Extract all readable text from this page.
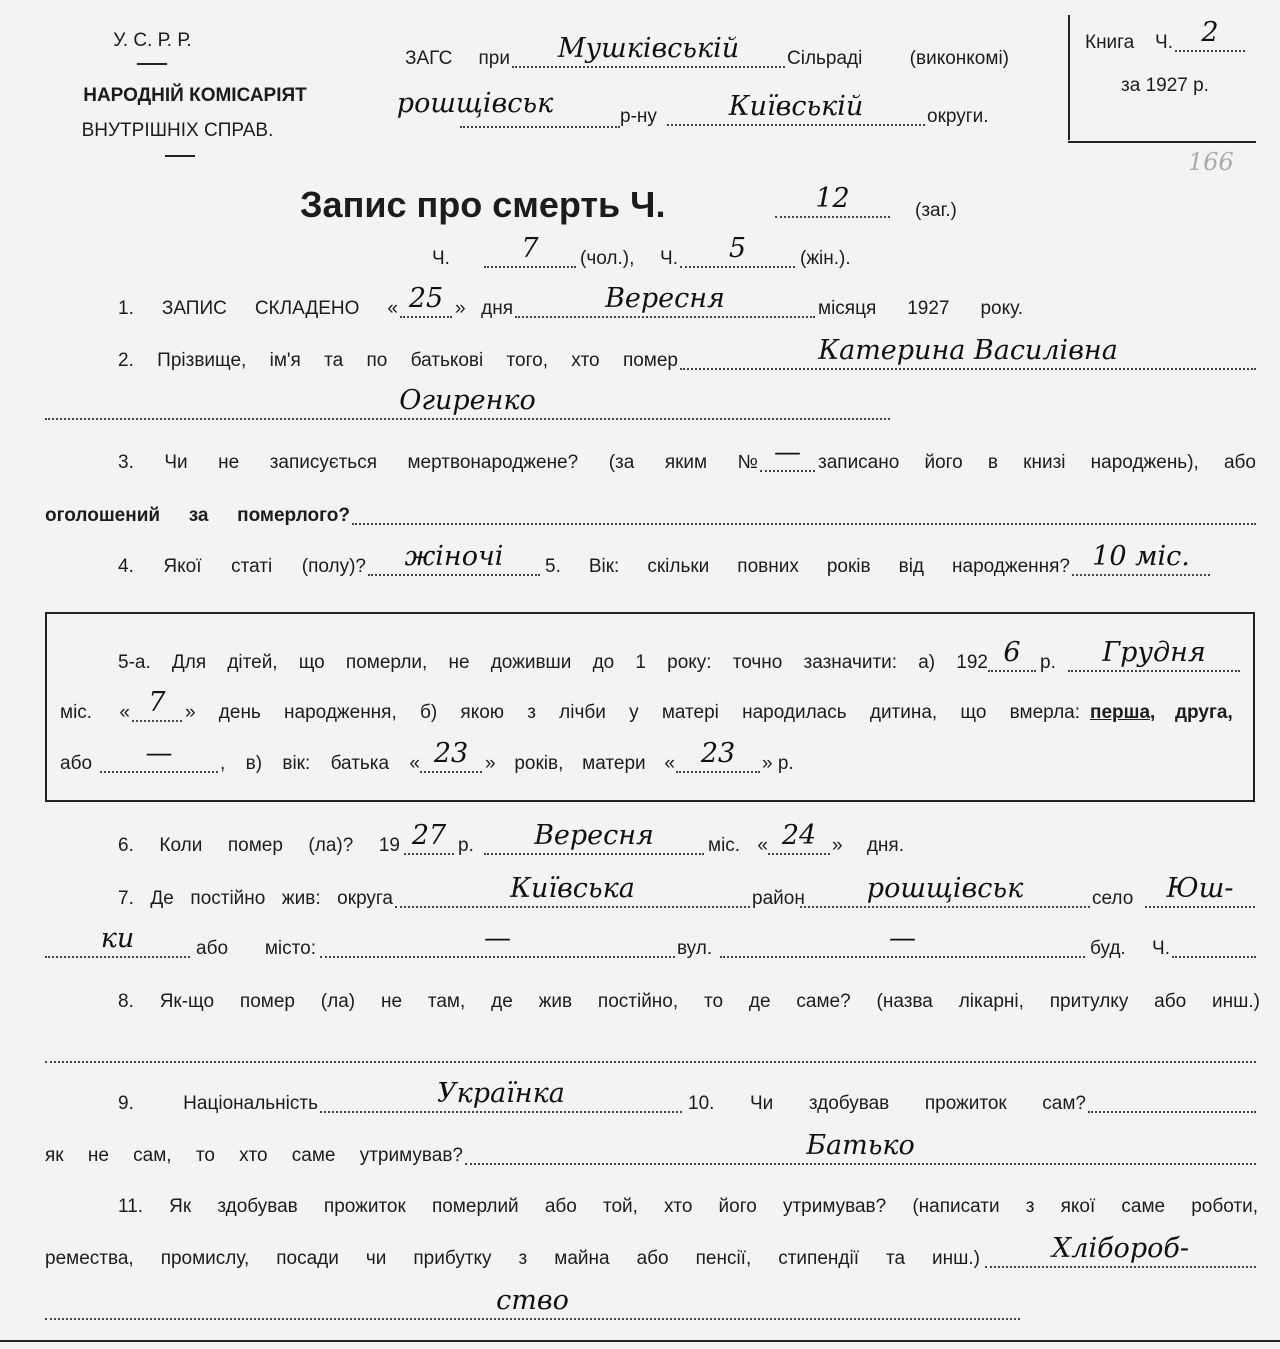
166
У. С. Р. Р.
НАРОДНІЙ КОМІСАРІЯТ
ВНУТРІШНІХ СПРАВ.
ЗАГС при	Мушківській	Сільраді (виконкомі)
рошщівськ	р-ну	Київській	округи.
Книга Ч.	2
за 1927 р.
Запис про смерть Ч.	12	(заг.)
Ч.	7	(чол.), Ч.	5	(жін.).
1. ЗАПИС СКЛАДЕНО « 25 » дня	Вересня	місяця 1927 року.
2. Прізвище, ім'я та по батькові того, хто помер	Катерина Василівна
Огиренко
3. Чи не записується мертвонароджене? (за яким № — записано його в книзі народжень), або
оголошений за померлого?
4. Якої статі (полу)?	жіночі	5. Вік: скільки повних років від народження? 10 міс.
5-а. Для дітей, що померли, не доживши до 1 року: точно зазначити: а) 192 6	р.	Грудня
міс. « 7	» день народження, б) якою з лічби у матері народилась дитина, що вмерла: перша, друга,
або	—	, в) вік: батька « 23 » років, матери « 23	» р.
6. Коли помер (ла)? 19 27 р.	Вересня	міс. « 24 » дня.
7. Де постійно жив: округа	Київська	район	рошщівськ	село	Юш-
ки	або місто:	—	вул.	—	буд. Ч.
8. Як-що помер (ла) не там, де жив постійно, то де саме? (назва лікарні, притулку або инш.)
9. Національність	Українка	10. Чи здобував прожиток сам?
як не сам, то хто саме утримував?	Батько
11. Як здобував прожиток померлий або той, хто його утримував? (написати з якої саме роботи,
ремества, промислу, посади чи прибутку з майна або пенсії, стипендії та инш.)	Хлібороб-
ство
